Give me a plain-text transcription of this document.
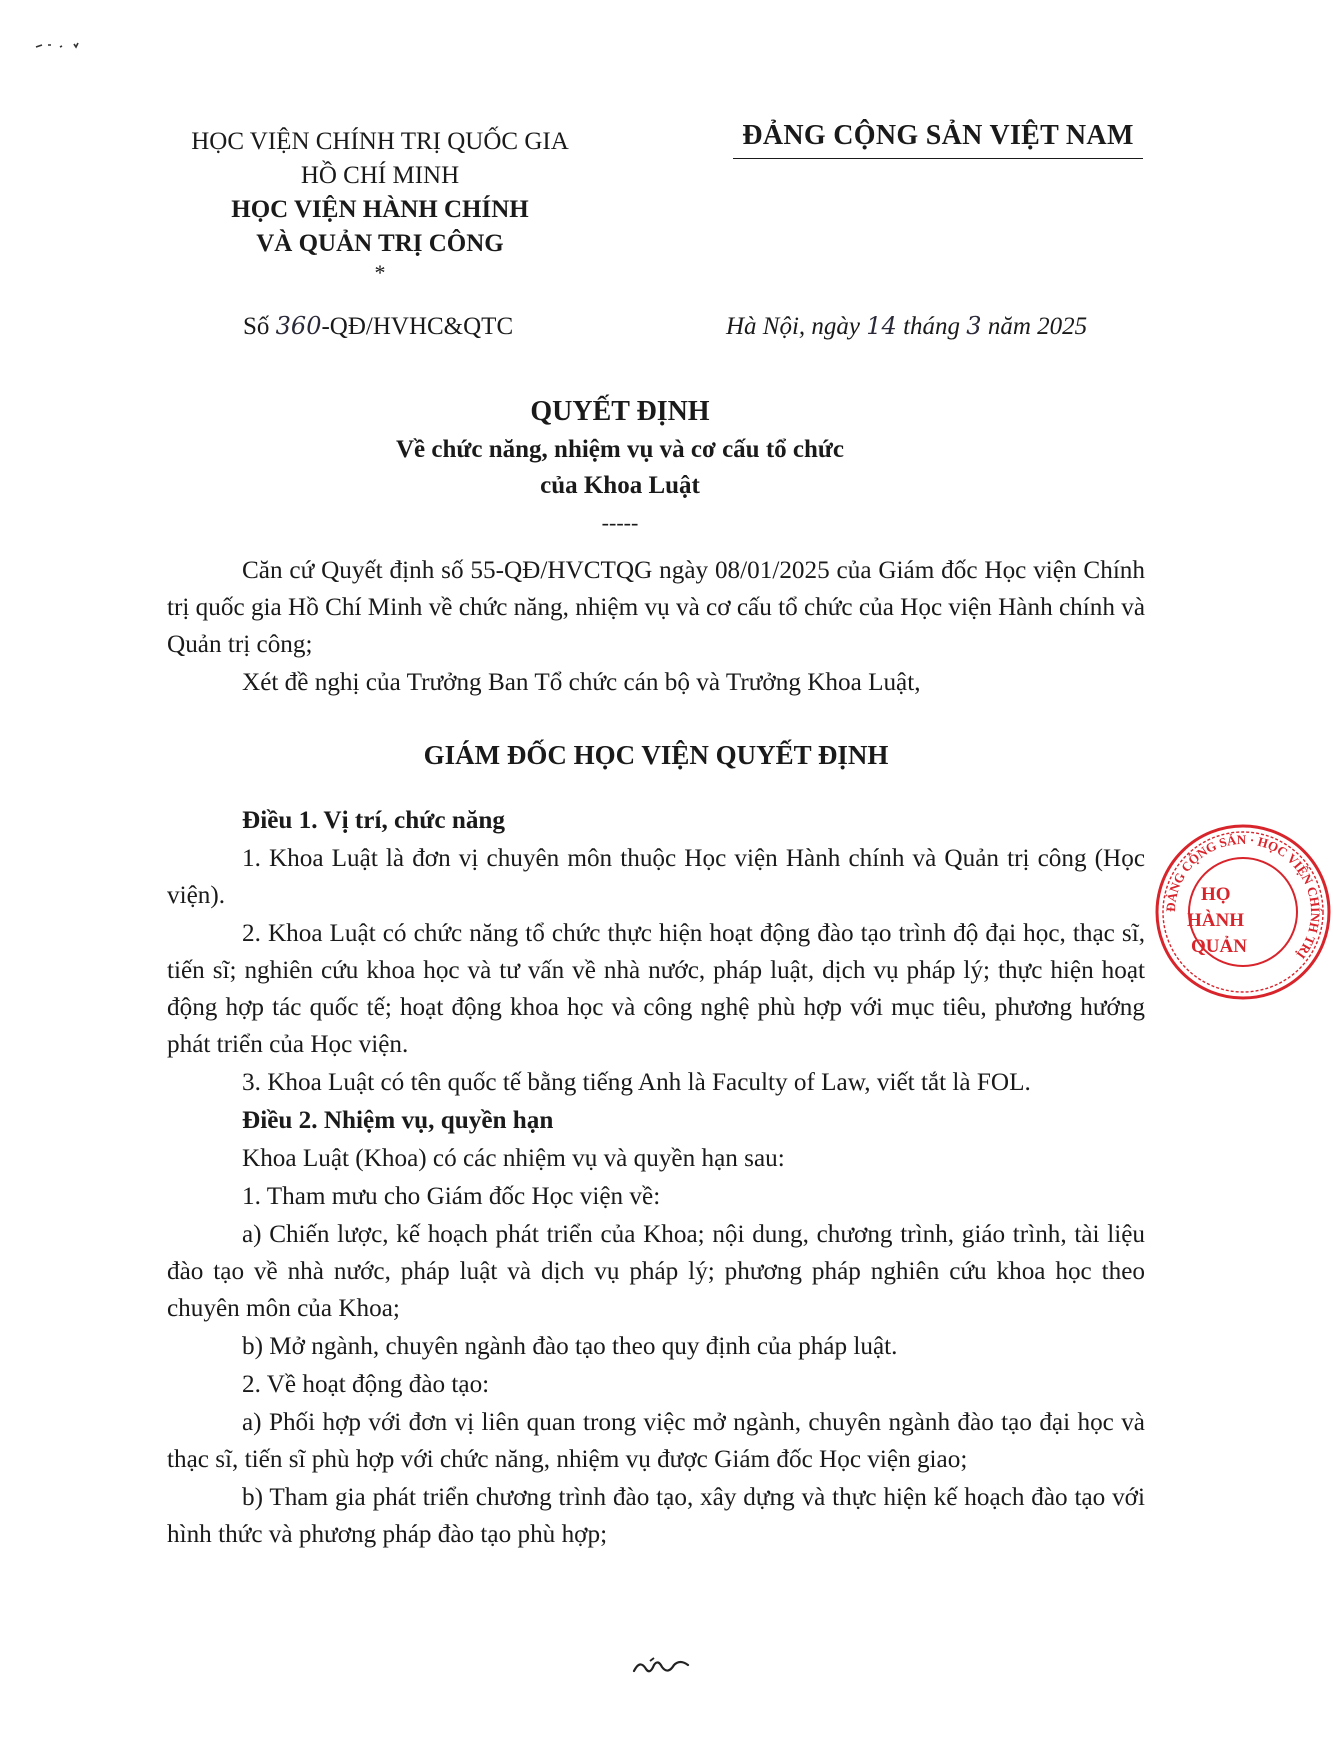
HỌC VIỆN CHÍNH TRỊ QUỐC GIA
HỒ CHÍ MINH
HỌC VIỆN HÀNH CHÍNH
VÀ QUẢN TRỊ CÔNG
*
ĐẢNG CỘNG SẢN VIỆT NAM
Số 360-QĐ/HVHC&QTC	Hà Nội, ngày 14 tháng 3 năm 2025
QUYẾT ĐỊNH
Về chức năng, nhiệm vụ và cơ cấu tổ chức
của Khoa Luật
-----

Căn cứ Quyết định số 55-QĐ/HVCTQG ngày 08/01/2025 của Giám đốc Học viện Chính trị quốc gia Hồ Chí Minh về chức năng, nhiệm vụ và cơ cấu tổ chức của Học viện Hành chính và Quản trị công;

Xét đề nghị của Trưởng Ban Tổ chức cán bộ và Trưởng Khoa Luật,

GIÁM ĐỐC HỌC VIỆN QUYẾT ĐỊNH

Điều 1. Vị trí, chức năng

1. Khoa Luật là đơn vị chuyên môn thuộc Học viện Hành chính và Quản trị công (Học viện).

2. Khoa Luật có chức năng tổ chức thực hiện hoạt động đào tạo trình độ đại học, thạc sĩ, tiến sĩ; nghiên cứu khoa học và tư vấn về nhà nước, pháp luật, dịch vụ pháp lý; thực hiện hoạt động hợp tác quốc tế; hoạt động khoa học và công nghệ phù hợp với mục tiêu, phương hướng phát triển của Học viện.

3. Khoa Luật có tên quốc tế bằng tiếng Anh là Faculty of Law, viết tắt là FOL.

Điều 2. Nhiệm vụ, quyền hạn

Khoa Luật (Khoa) có các nhiệm vụ và quyền hạn sau:

1. Tham mưu cho Giám đốc Học viện về:

a) Chiến lược, kế hoạch phát triển của Khoa; nội dung, chương trình, giáo trình, tài liệu đào tạo về nhà nước, pháp luật và dịch vụ pháp lý; phương pháp nghiên cứu khoa học theo chuyên môn của Khoa;

b) Mở ngành, chuyên ngành đào tạo theo quy định của pháp luật.

2. Về hoạt động đào tạo:

a) Phối hợp với đơn vị liên quan trong việc mở ngành, chuyên ngành đào tạo đại học và thạc sĩ, tiến sĩ phù hợp với chức năng, nhiệm vụ được Giám đốc Học viện giao;

b) Tham gia phát triển chương trình đào tạo, xây dựng và thực hiện kế hoạch đào tạo với hình thức và phương pháp đào tạo phù hợp;

ĐẢNG CỘNG SẢN · HỌC VIỆN CHÍNH TRỊ
HỌ
HÀNH
QUẢN
